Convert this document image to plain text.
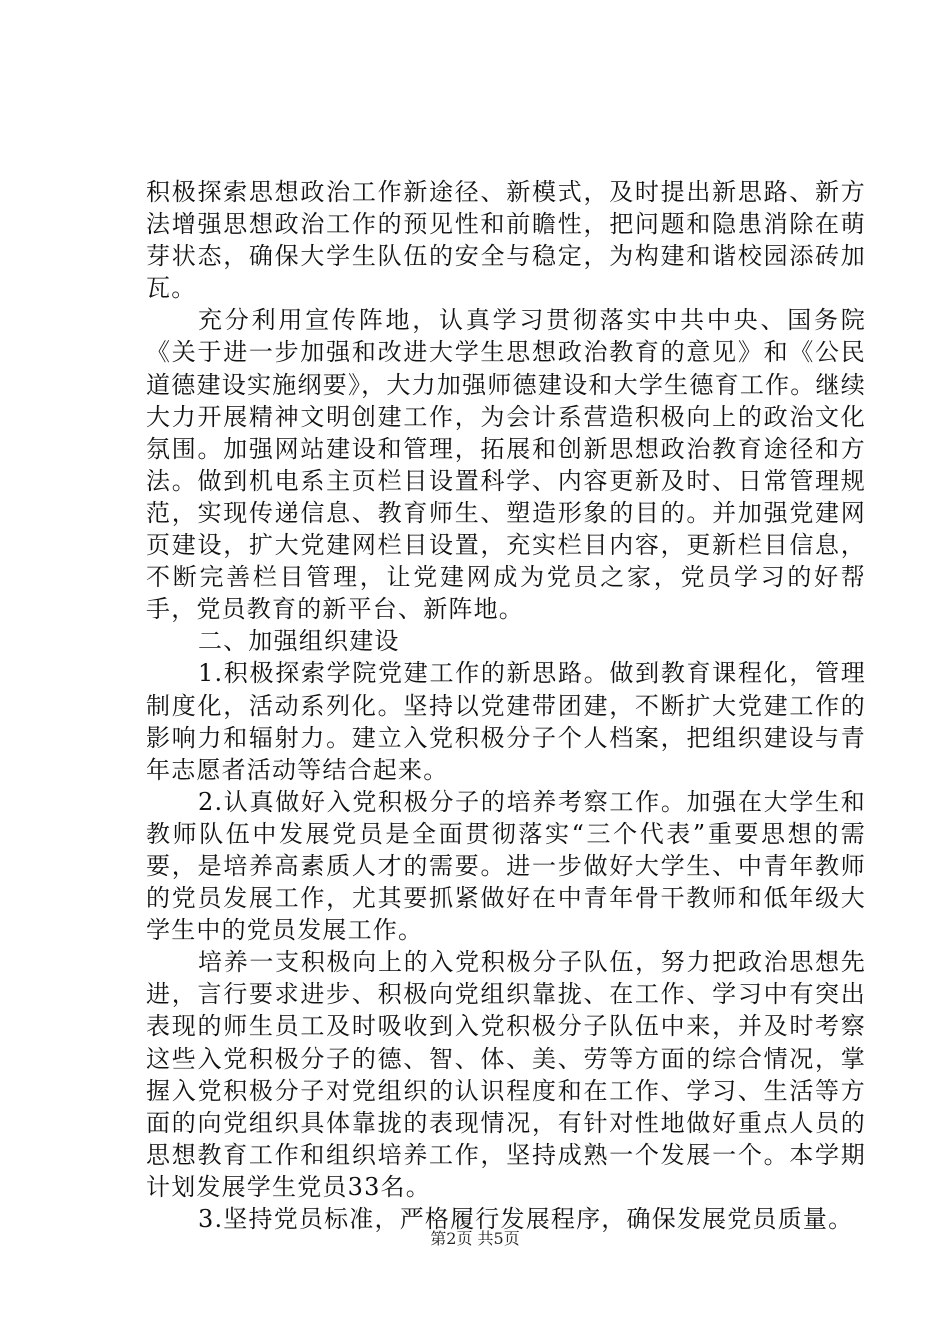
积极探索思想政治工作新途径、新模式，及时提出新思路、新方法增强思想政治工作的预见性和前瞻性，把问题和隐患消除在萌芽状态，确保大学生队伍的安全与稳定，为构建和谐校园添砖加瓦。

充分利用宣传阵地，认真学习贯彻落实中共中央、国务院《关于进一步加强和改进大学生思想政治教育的意见》和《公民道德建设实施纲要》，大力加强师德建设和大学生德育工作。继续大力开展精神文明创建工作，为会计系营造积极向上的政治文化氛围。加强网站建设和管理，拓展和创新思想政治教育途径和方法。做到机电系主页栏目设置科学、内容更新及时、日常管理规范，实现传递信息、教育师生、塑造形象的目的。并加强党建网页建设，扩大党建网栏目设置，充实栏目内容，更新栏目信息，不断完善栏目管理，让党建网成为党员之家，党员学习的好帮手，党员教育的新平台、新阵地。

二、加强组织建设

1.积极探索学院党建工作的新思路。做到教育课程化，管理制度化，活动系列化。坚持以党建带团建，不断扩大党建工作的影响力和辐射力。建立入党积极分子个人档案，把组织建设与青年志愿者活动等结合起来。

2.认真做好入党积极分子的培养考察工作。加强在大学生和教师队伍中发展党员是全面贯彻落实“三个代表”重要思想的需要，是培养高素质人才的需要。进一步做好大学生、中青年教师的党员发展工作，尤其要抓紧做好在中青年骨干教师和低年级大学生中的党员发展工作。

培养一支积极向上的入党积极分子队伍，努力把政治思想先进，言行要求进步、积极向党组织靠拢、在工作、学习中有突出表现的师生员工及时吸收到入党积极分子队伍中来，并及时考察这些入党积极分子的德、智、体、美、劳等方面的综合情况，掌握入党积极分子对党组织的认识程度和在工作、学习、生活等方面的向党组织具体靠拢的表现情况，有针对性地做好重点人员的思想教育工作和组织培养工作，坚持成熟一个发展一个。本学期计划发展学生党员33名。

3.坚持党员标准，严格履行发展程序，确保发展党员质量。

第2页 共5页
